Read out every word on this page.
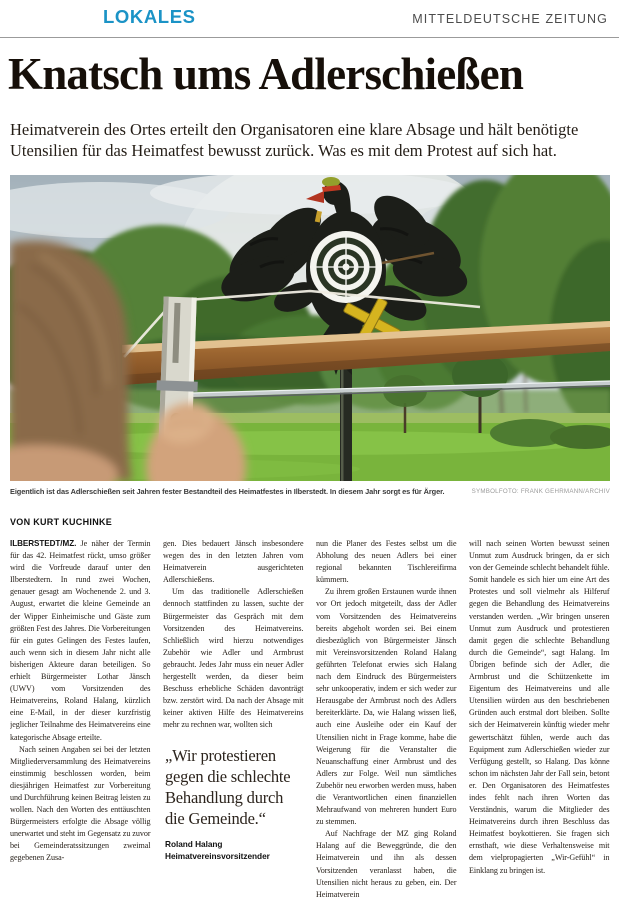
LOKALES	MITTELDEUTSCHE ZEITUNG
Knatsch ums Adlerschießen

Heimatverein des Ortes erteilt den Organisatoren eine klare Absage und hält benötigte Utensilien für das Heimatfest bewusst zurück. Was es mit dem Protest auf sich hat.

Eigentlich ist das Adlerschießen seit Jahren fester Bestandteil des Heimatfestes in Ilberstedt. In diesem Jahr sorgt es für Ärger.	SYMBOLFOTO: FRANK GEHRMANN/ARCHIV
VON KURT KUCHINKE

ILBERSTEDT/MZ. Je näher der Termin für das 42. Heimatfest rückt, umso größer wird die Vorfreude darauf unter den Ilberstedtern. In rund zwei Wochen, genauer gesagt am Wochenende 2. und 3. August, erwartet die kleine Gemeinde an der Wipper Einheimische und Gäste zum größten Fest des Jahres. Die Vorbereitungen für ein gutes Gelingen des Festes laufen, auch wenn sich in diesem Jahr nicht alle bisherigen Akteure daran beteiligen. So erhielt Bürgermeister Lothar Jänsch (UWV) vom Vorsitzenden des Heimatvereins, Roland Halang, kürzlich eine E-Mail, in der dieser kurzfristig jeglicher Teilnahme des Heimatvereins eine kategorische Absage erteilte.

Nach seinen Angaben sei bei der letzten Mitgliederversammlung des Heimatvereins einstimmig beschlossen worden, beim diesjährigen Heimatfest zur Vorbereitung und Durchführung keinen Beitrag leisten zu wollen. Nach den Worten des enttäuschten Bürgermeisters erfolgte die Absage völlig unerwartet und steht im Gegensatz zu zuvor bei Gemeinderatssitzungen zweimal gegebenen Zusa-

gen. Dies bedauert Jänsch insbesondere wegen des in den letzten Jahren vom Heimatverein ausgerichteten Adlerschießens.

Um das traditionelle Adlerschießen dennoch stattfinden zu lassen, suchte der Bürgermeister das Gespräch mit dem Vorsitzenden des Heimatvereins. Schließlich wird hierzu notwendiges Zubehör wie Adler und Armbrust gebraucht. Jedes Jahr muss ein neuer Adler hergestellt werden, da dieser beim Beschuss erhebliche Schäden davonträgt bzw. zerstört wird. Da nach der Absage mit keiner aktiven Hilfe des Heimatvereins mehr zu rechnen war, wollten sich

„Wir protestieren gegen die schlechte Behandlung durch die Gemeinde.“
Roland Halang
Heimatvereinsvorsitzender

nun die Planer des Festes selbst um die Abholung des neuen Adlers bei einer regional bekannten Tischlereifirma kümmern.

Zu ihrem großen Erstaunen wurde ihnen vor Ort jedoch mitgeteilt, dass der Adler vom Vorsitzenden des Heimatvereins bereits abgeholt worden sei. Bei einem diesbezüglich von Bürgermeister Jänsch mit Vereinsvorsitzenden Roland Halang geführten Telefonat erwies sich Halang nach dem Eindruck des Bürgermeisters sehr unkooperativ, indem er sich weder zur Herausgabe der Armbrust noch des Adlers bereiterklärte. Da, wie Halang wissen ließ, auch eine Ausleihe oder ein Kauf der Utensilien nicht in Frage komme, habe die Weigerung für die Veranstalter die Neuanschaffung einer Armbrust und des Adlers zur Folge. Weil nun sämtliches Zubehör neu erworben werden muss, haben die Verantwortlichen einen finanziellen Mehraufwand von mehreren hundert Euro zu stemmen.

Auf Nachfrage der MZ ging Roland Halang auf die Beweggründe, die den Heimatverein und ihn als dessen Vorsitzenden veranlasst haben, die Utensilien nicht heraus zu geben, ein. Der Heimatverein

will nach seinen Worten bewusst seinen Unmut zum Ausdruck bringen, da er sich von der Gemeinde schlecht behandelt fühle. Somit handele es sich hier um eine Art des Protestes und soll vielmehr als Hilferuf gegen die Behandlung des Heimatvereins verstanden werden. „Wir bringen unseren Unmut zum Ausdruck und protestieren damit gegen die schlechte Behandlung durch die Gemeinde“, sagt Halang. Im Übrigen befinde sich der Adler, die Armbrust und die Schützenkette im Eigentum des Heimatvereins und alle Utensilien würden aus den beschriebenen Gründen auch erstmal dort bleiben. Sollte sich der Heimatverein künftig wieder mehr gewertschätzt fühlen, werde auch das Equipment zum Adlerschießen wieder zur Verfügung gestellt, so Halang. Das könne schon im nächsten Jahr der Fall sein, betont er. Den Organisatoren des Heimatfestes indes fehlt nach ihren Worten das Verständnis, warum die Mitglieder des Heimatvereins durch ihren Beschluss das Heimatfest boykottieren. Sie fragen sich ernsthaft, wie diese Verhaltensweise mit dem vielpropagierten „Wir-Gefühl“ in Einklang zu bringen ist.
